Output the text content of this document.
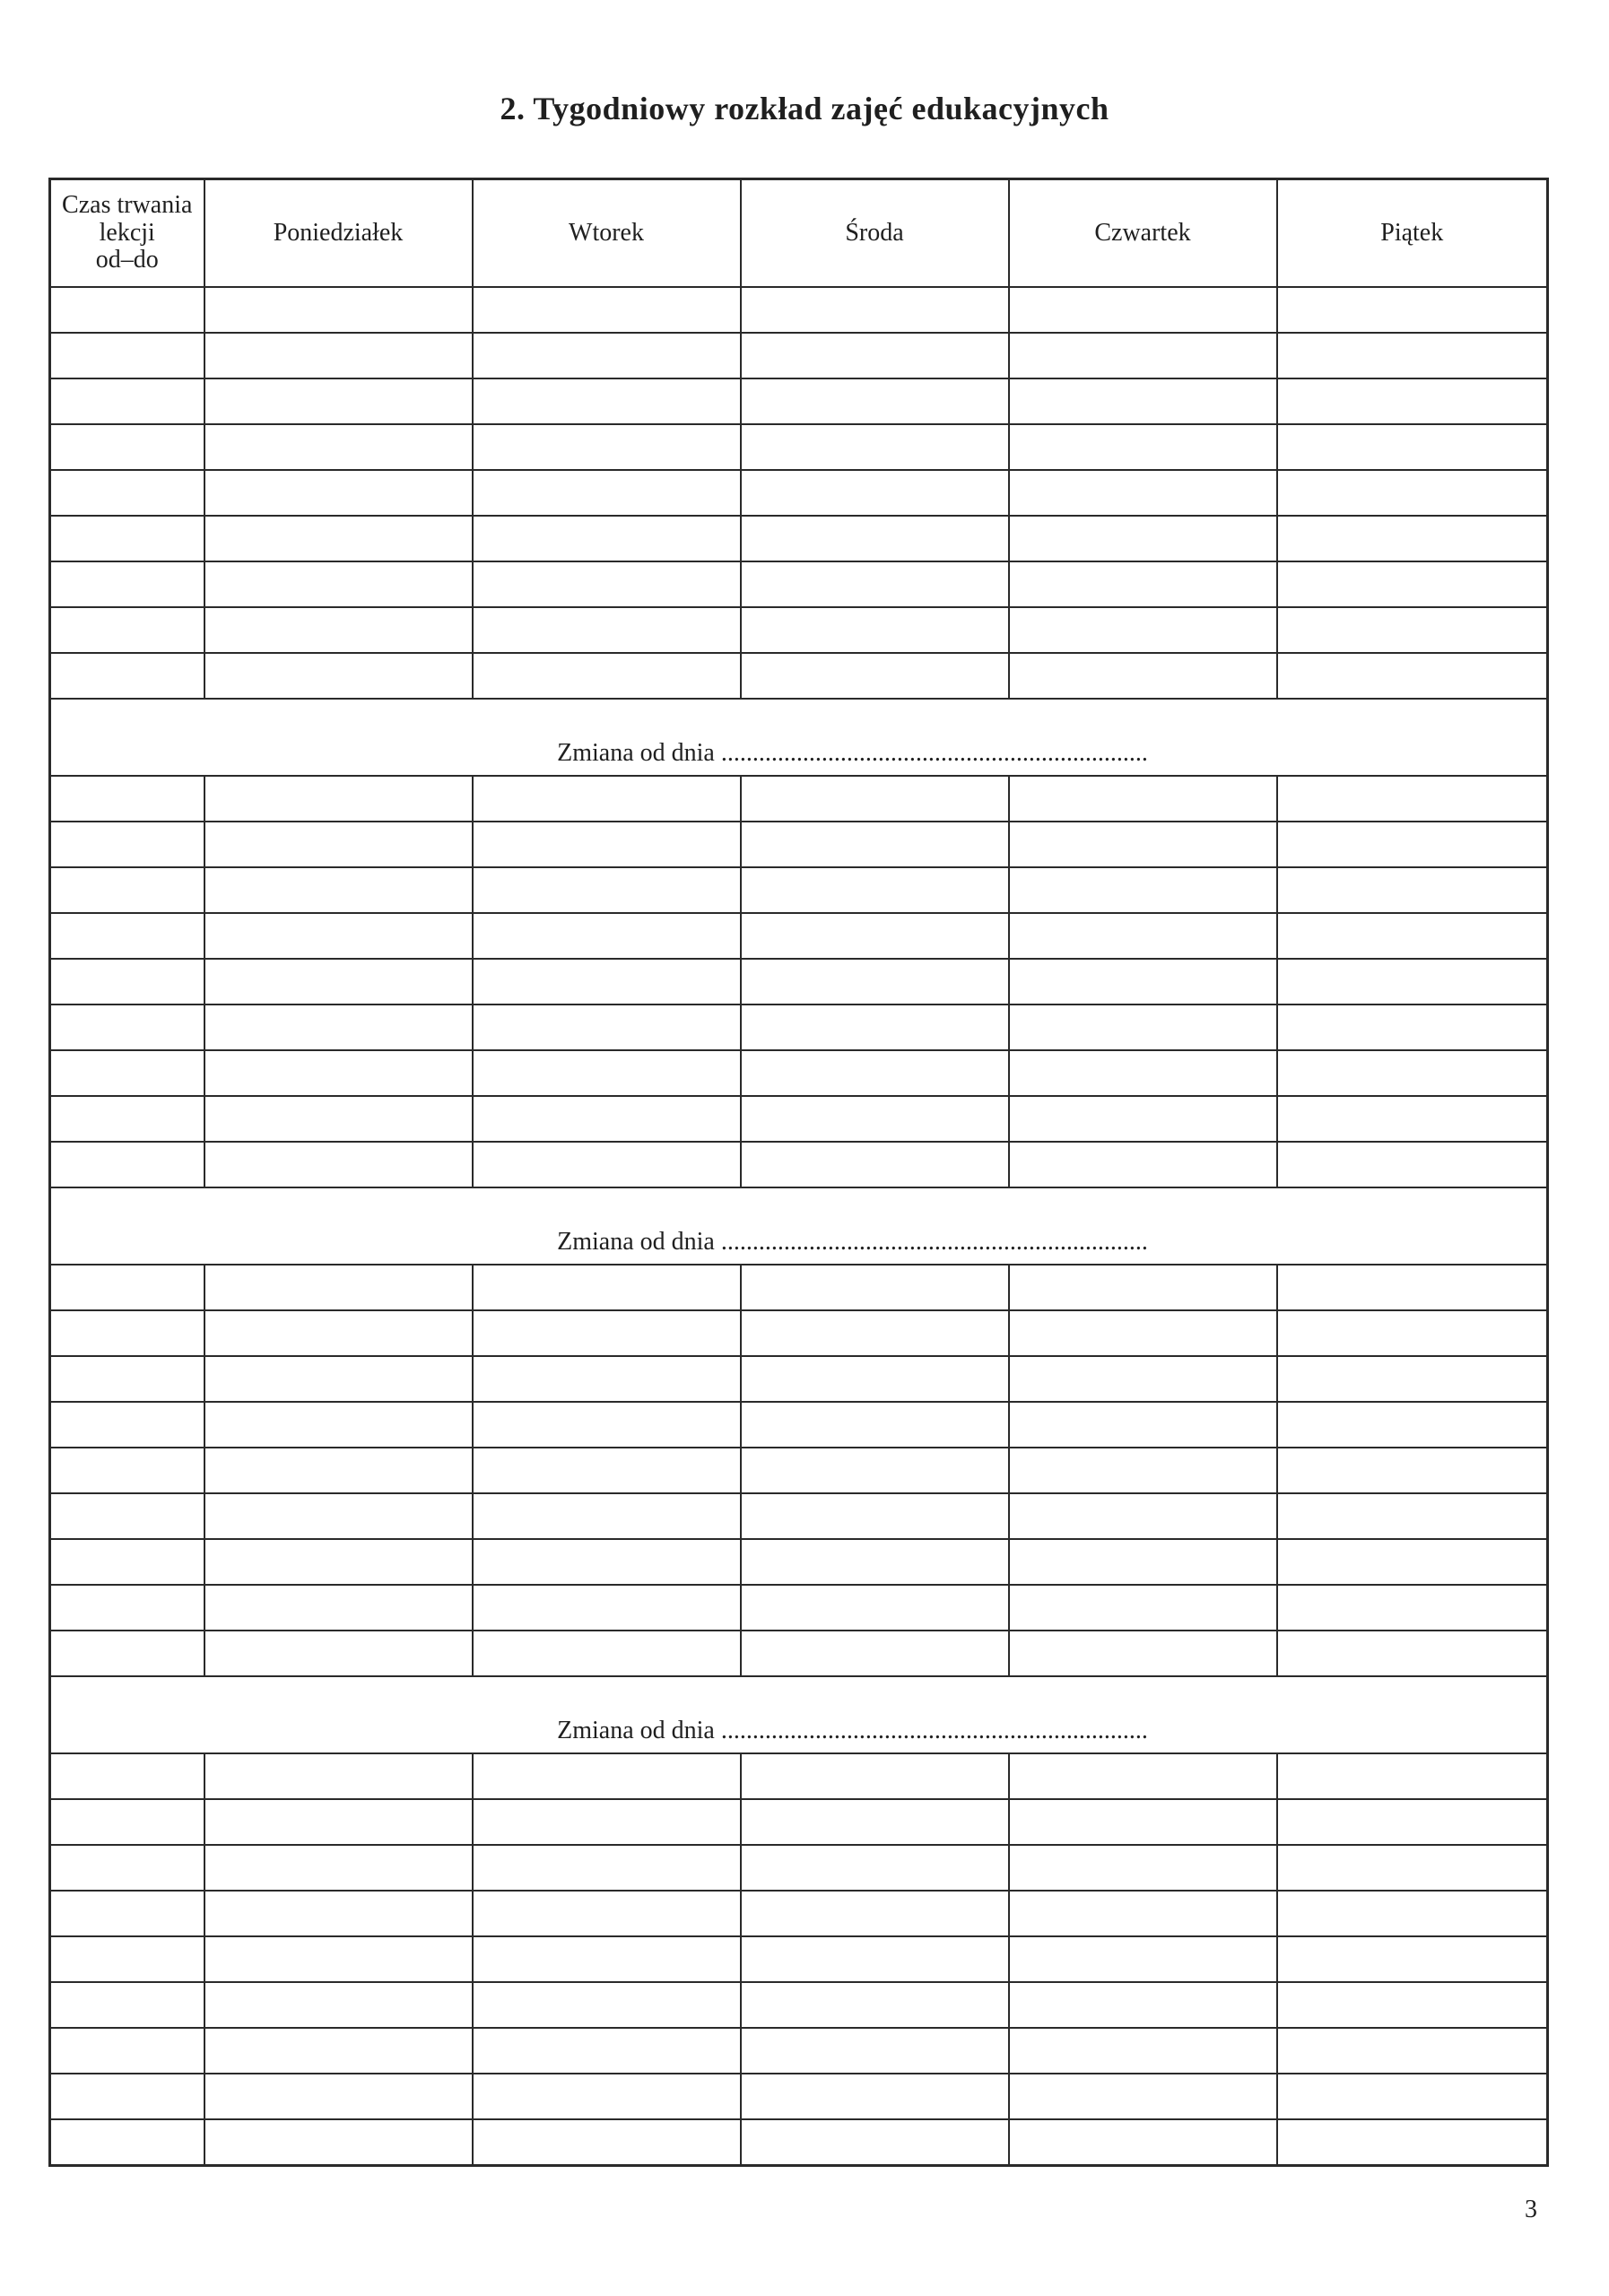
2. Tygodniowy rozkład zajęć edukacyjnych
Czas trwania
lekcji
od–do	Poniedziałek	Wtorek	Środa	Czwartek	Piątek

Zmiana od dnia ....................................................................					

Zmiana od dnia ....................................................................					

Zmiana od dnia ....................................................................					

3
